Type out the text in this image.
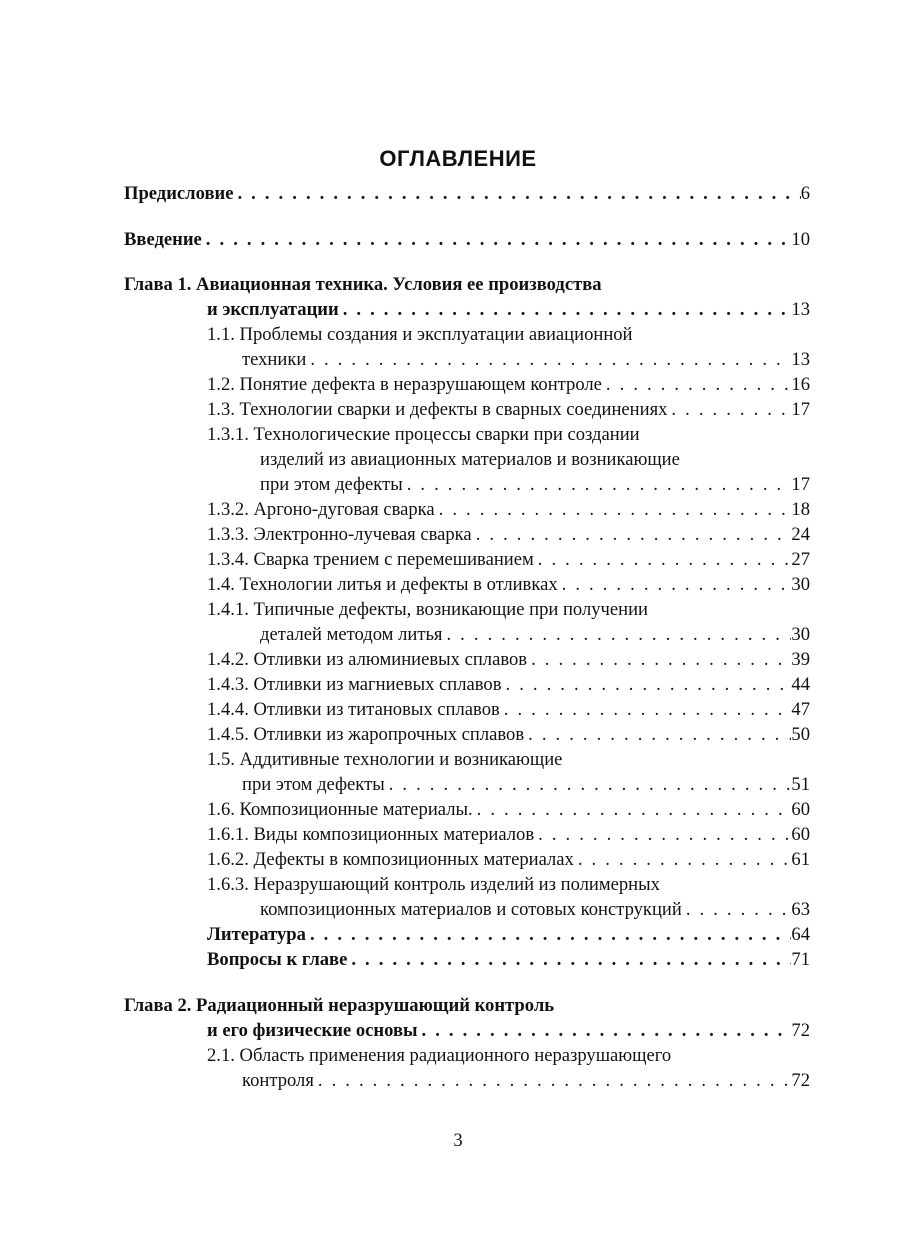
ОГЛАВЛЕНИЕ
Предисловие . . .	6
Введение . . .	10
Глава 1. Авиационная техника. Условия ее производства
и эксплуатации . . .	13
1.1. Проблемы создания и эксплуатации авиационной
техники . . .	13
1.2. Понятие дефекта в неразрушающем контроле . . .	16
1.3. Технологии сварки и дефекты в сварных соединениях . . .	17
1.3.1. Технологические процессы сварки при создании
изделий из авиационных материалов и возникающие
при этом дефекты . . .	17
1.3.2. Аргоно-дуговая сварка . . .	18
1.3.3. Электронно-лучевая сварка . . .	24
1.3.4. Сварка трением с перемешиванием . . .	27
1.4. Технологии литья и дефекты в отливках . . .	30
1.4.1. Типичные дефекты, возникающие при получении
деталей методом литья . . .	30
1.4.2. Отливки из алюминиевых сплавов . . .	39
1.4.3. Отливки из магниевых сплавов . . .	44
1.4.4. Отливки из титановых сплавов . . .	47
1.4.5. Отливки из жаропрочных сплавов . . .	50
1.5. Аддитивные технологии и возникающие
при этом дефекты . . .	51
1.6. Композиционные материалы. . . .	60
1.6.1. Виды композиционных материалов . . .	60
1.6.2. Дефекты в композиционных материалах . . .	61
1.6.3. Неразрушающий контроль изделий из полимерных
композиционных материалов и сотовых конструкций . . .	63
Литература . . .	64
Вопросы к главе . . .	71
Глава 2. Радиационный неразрушающий контроль
и его физические основы . . .	72
2.1. Область применения радиационного неразрушающего
контроля . . .	72
3
